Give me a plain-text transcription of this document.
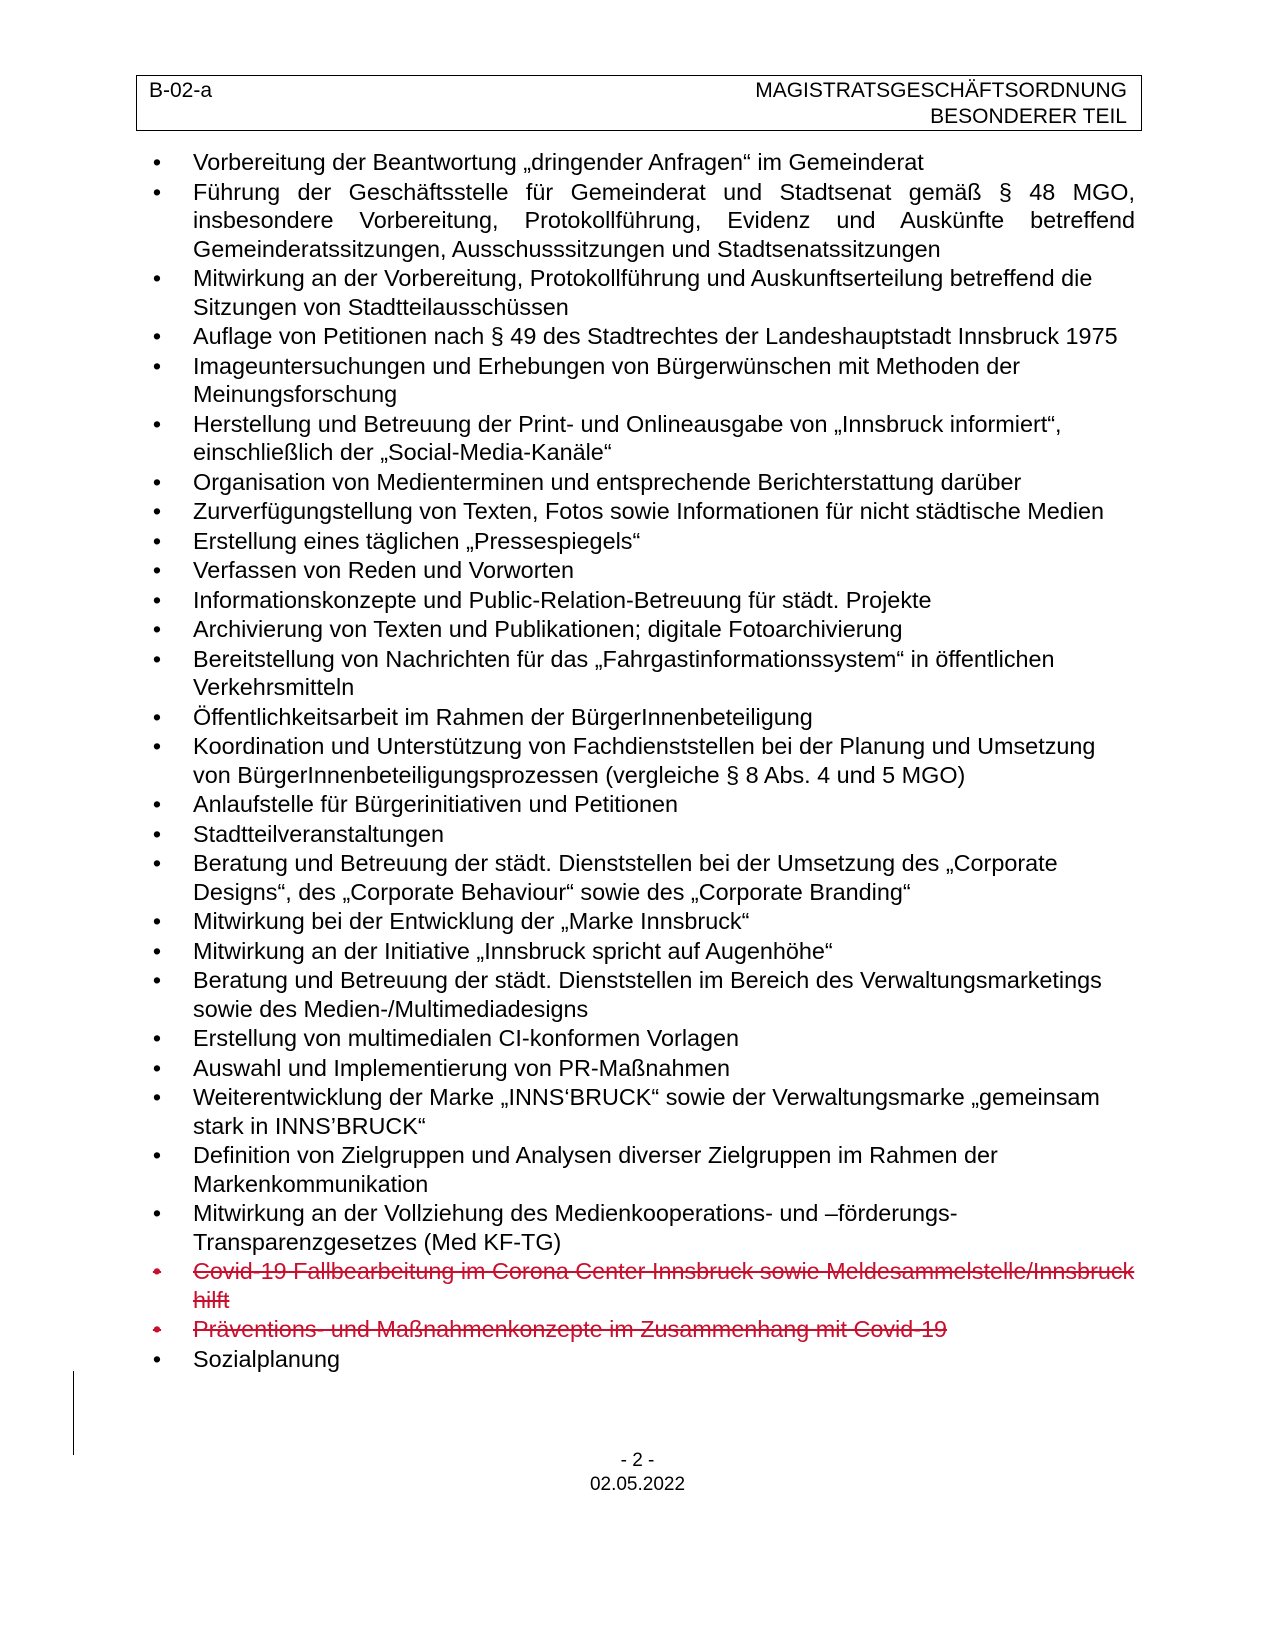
B-02-a	MAGISTRATSGESCHÄFTSORDNUNG
BESONDERER TEIL
• Vorbereitung der Beantwortung „dringender Anfragen“ im Gemeinderat
• Führung der Geschäftsstelle für Gemeinderat und Stadtsenat gemäß § 48 MGO, insbesondere Vorbereitung, Protokollführung, Evidenz und Auskünfte betreffend Gemeinderatssitzungen, Ausschusssitzungen und Stadtsenatssitzungen
• Mitwirkung an der Vorbereitung, Protokollführung und Auskunftserteilung betreffend die Sitzungen von Stadtteilausschüssen
• Auflage von Petitionen nach § 49 des Stadtrechtes der Landeshauptstadt Innsbruck 1975
• Imageuntersuchungen und Erhebungen von Bürgerwünschen mit Methoden der Meinungsforschung
• Herstellung und Betreuung der Print- und Onlineausgabe von „Innsbruck informiert“, einschließlich der „Social-Media-Kanäle“
• Organisation von Medienterminen und entsprechende Berichterstattung darüber
• Zurverfügungstellung von Texten, Fotos sowie Informationen für nicht städtische Medien
• Erstellung eines täglichen „Pressespiegels“
• Verfassen von Reden und Vorworten
• Informationskonzepte und Public-Relation-Betreuung für städt. Projekte
• Archivierung von Texten und Publikationen; digitale Fotoarchivierung
• Bereitstellung von Nachrichten für das „Fahrgastinformationssystem“ in öffentlichen Verkehrsmitteln
• Öffentlichkeitsarbeit im Rahmen der BürgerInnenbeteiligung
• Koordination und Unterstützung von Fachdienststellen bei der Planung und Umsetzung von BürgerInnenbeteiligungsprozessen (vergleiche § 8 Abs. 4 und 5 MGO)
• Anlaufstelle für Bürgerinitiativen und Petitionen
• Stadtteilveranstaltungen
• Beratung und Betreuung der städt. Dienststellen bei der Umsetzung des „Corporate Designs“, des „Corporate Behaviour“ sowie des „Corporate Branding“
• Mitwirkung bei der Entwicklung der „Marke Innsbruck“
• Mitwirkung an der Initiative „Innsbruck spricht auf Augenhöhe“
• Beratung und Betreuung der städt. Dienststellen im Bereich des Verwaltungsmarketings sowie des Medien-/Multimediadesigns
• Erstellung von multimedialen CI-konformen Vorlagen
• Auswahl und Implementierung von PR-Maßnahmen
• Weiterentwicklung der Marke „INNS‘BRUCK“ sowie der Verwaltungsmarke „gemeinsam stark in INNS’BRUCK“
• Definition von Zielgruppen und Analysen diverser Zielgruppen im Rahmen der Markenkommunikation
• Mitwirkung an der Vollziehung des Medienkooperations- und –förderungs-Transparenzgesetzes (Med KF-TG)
• Covid-19 Fallbearbeitung im Corona Center Innsbruck sowie Meldesammelstelle/Innsbruck hilft
• Präventions- und Maßnahmenkonzepte im Zusammenhang mit Covid-19
• Sozialplanung
- 2 -
02.05.2022
